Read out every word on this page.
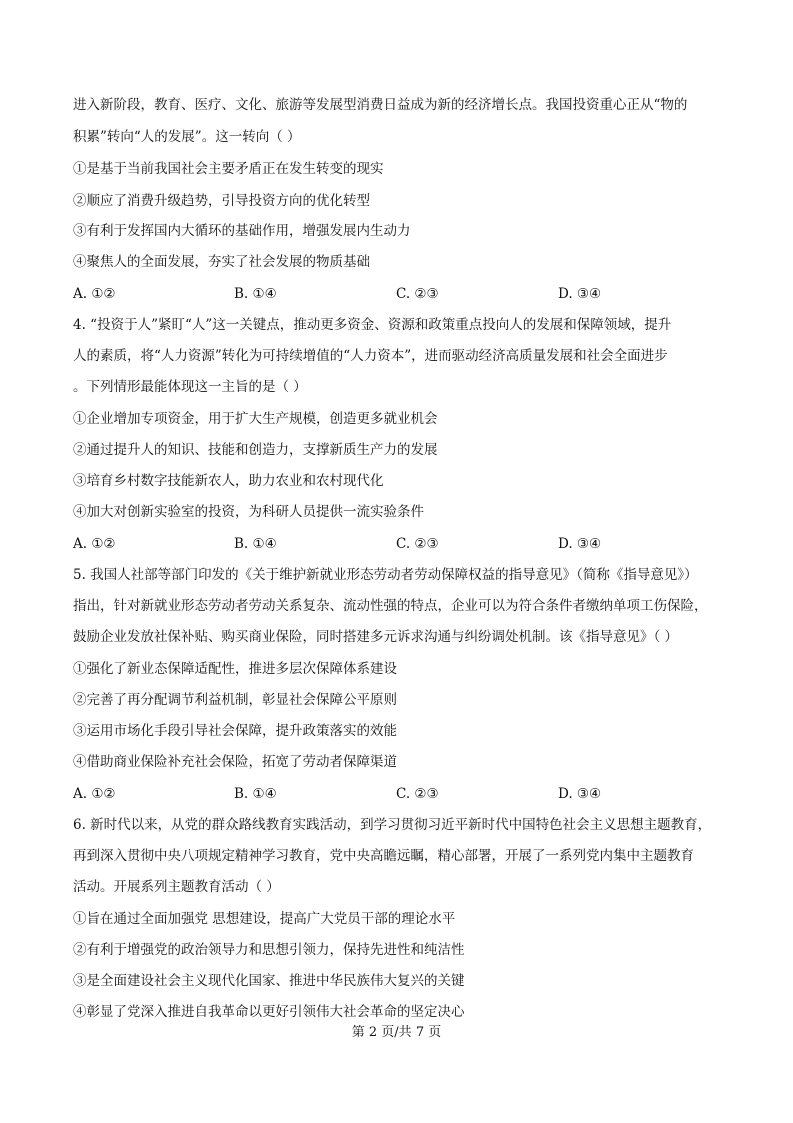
进入新阶段，教育、医疗、文化、旅游等发展型消费日益成为新的经济增长点。我国投资重心正从“物的
积累”转向“人的发展”。这一转向（ ）
①是基于当前我国社会主要矛盾正在发生转变的现实
②顺应了消费升级趋势，引导投资方向的优化转型
③有利于发挥国内大循环的基础作用，增强发展内生动力
④聚焦人的全面发展，夯实了社会发展的物质基础
A. ①②	B. ①④	C. ②③	D. ③④
4. “投资于人”紧盯“人”这一关键点，推动更多资金、资源和政策重点投向人的发展和保障领域，提升
人的素质，将“人力资源”转化为可持续增值的“人力资本”，进而驱动经济高质量发展和社会全面进步
。下列情形最能体现这一主旨的是（ ）
①企业增加专项资金，用于扩大生产规模，创造更多就业机会
②通过提升人的知识、技能和创造力，支撑新质生产力的发展
③培育乡村数字技能新农人，助力农业和农村现代化
④加大对创新实验室的投资，为科研人员提供一流实验条件
A. ①②	B. ①④	C. ②③	D. ③④
5. 我国人社部等部门印发的《关于维护新就业形态劳动者劳动保障权益的指导意见》（简称《指导意见》）
指出，针对新就业形态劳动者劳动关系复杂、流动性强的特点，企业可以为符合条件者缴纳单项工伤保险，
鼓励企业发放社保补贴、购买商业保险，同时搭建多元诉求沟通与纠纷调处机制。该《指导意见》（ ）
①强化了新业态保障适配性，推进多层次保障体系建设
②完善了再分配调节利益机制，彰显社会保障公平原则
③运用市场化手段引导社会保障，提升政策落实的效能
④借助商业保险补充社会保险，拓宽了劳动者保障渠道
A. ①②	B. ①④	C. ②③	D. ③④
6. 新时代以来，从党的群众路线教育实践活动，到学习贯彻习近平新时代中国特色社会主义思想主题教育，
再到深入贯彻中央八项规定精神学习教育，党中央高瞻远瞩，精心部署，开展了一系列党内集中主题教育
活动。开展系列主题教育活动（ ）
①旨在通过全面加强党 思想建设，提高广大党员干部的理论水平
②有利于增强党的政治领导力和思想引领力，保持先进性和纯洁性
③是全面建设社会主义现代化国家、推进中华民族伟大复兴的关键
④彰显了党深入推进自我革命以更好引领伟大社会革命的坚定决心
第 2 页/共 7 页
